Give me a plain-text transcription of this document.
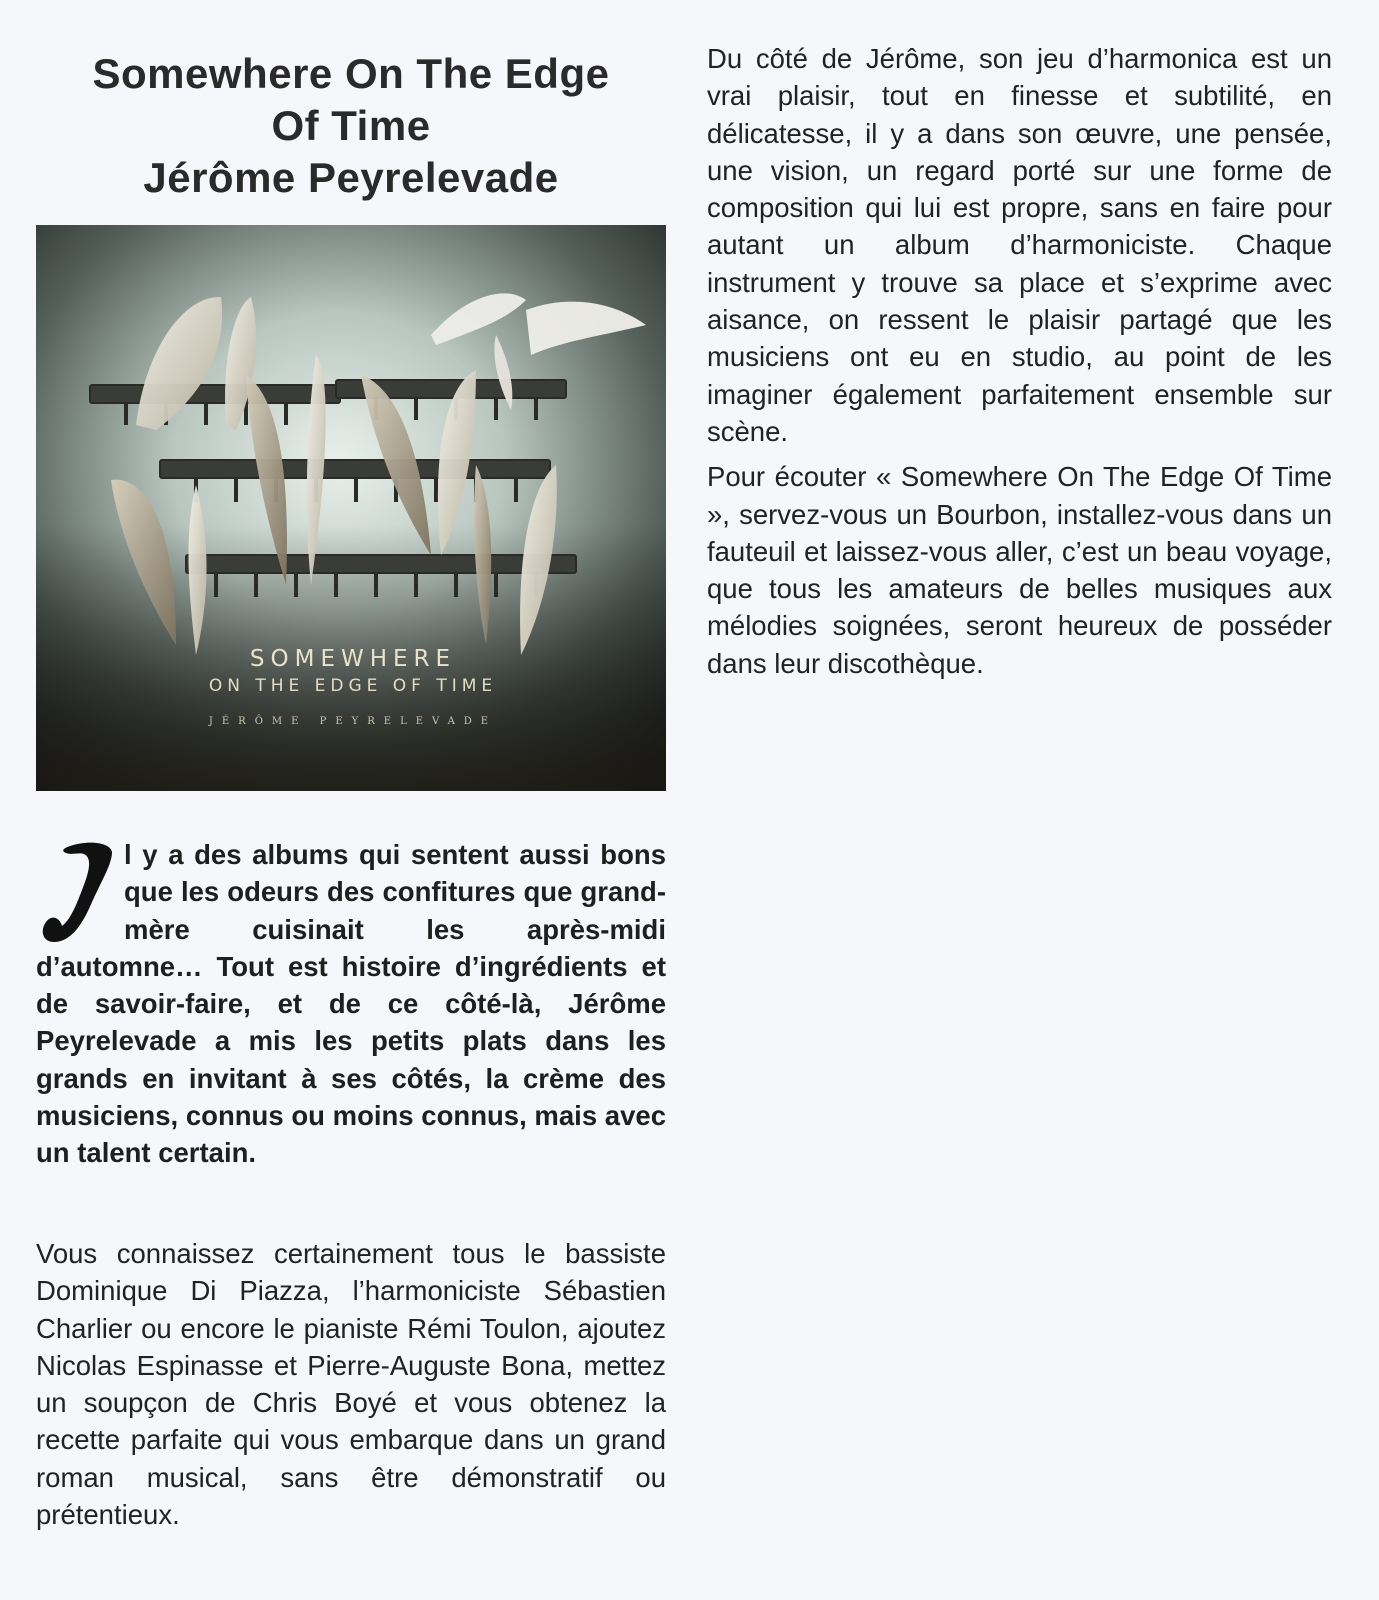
Somewhere On The Edge
Of Time
Jérôme Peyrelevade
SOMEWHERE
ON THE EDGE OF TIME
JÉRÔME PEYRELEVADE

l y a des albums qui sentent aussi bons que les odeurs des confitures que grand-mère cuisinait les après-midi d’automne… Tout est histoire d’ingrédients et de savoir-faire, et de ce côté-là, Jérôme Peyrelevade a mis les petits plats dans les grands en invitant à ses côtés, la crème des musiciens, connus ou moins connus, mais avec un talent certain.

Vous connaissez certainement tous le bassiste Dominique Di Piazza, l’harmoniciste Sébastien Charlier ou encore le pianiste Rémi Toulon, ajoutez Nicolas Espinasse et Pierre-Auguste Bona, mettez un soupçon de Chris Boyé et vous obtenez la recette parfaite qui vous embarque dans un grand roman musical, sans être démonstratif ou prétentieux.

Du côté de Jérôme, son jeu d’harmonica est un vrai plaisir, tout en finesse et subtilité, en délicatesse, il y a dans son œuvre, une pensée, une vision, un regard porté sur une forme de composition qui lui est propre, sans en faire pour autant un album d’harmoniciste. Chaque instrument y trouve sa place et s’exprime avec aisance, on ressent le plaisir partagé que les musiciens ont eu en studio, au point de les imaginer également parfaitement ensemble sur scène.

Pour écouter « Somewhere On The Edge Of Time », servez-vous un Bourbon, installez-vous dans un fauteuil et laissez-vous aller, c’est un beau voyage, que tous les amateurs de belles musiques aux mélodies soignées, seront heureux de posséder dans leur discothèque.
